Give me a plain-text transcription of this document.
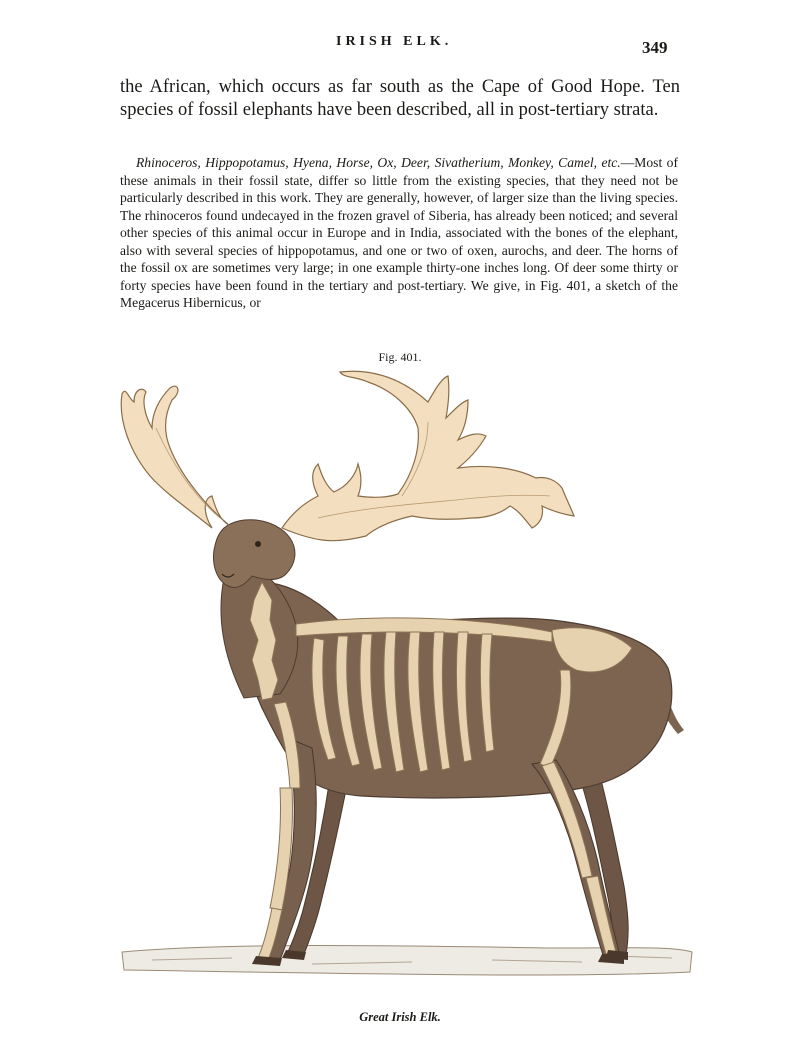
IRISH ELK.	349

the African, which occurs as far south as the Cape of Good Hope. Ten species of fossil elephants have been described, all in post-tertiary strata.

Rhinoceros, Hippopotamus, Hyena, Horse, Ox, Deer, Sivatherium, Monkey, Camel, etc.—Most of these animals in their fossil state, differ so little from the existing species, that they need not be particularly described in this work. They are generally, however, of larger size than the living species. The rhinoceros found undecayed in the frozen gravel of Siberia, has already been noticed; and several other species of this animal occur in Europe and in India, associated with the bones of the elephant, also with several species of hippopotamus, and one or two of oxen, aurochs, and deer. The horns of the fossil ox are sometimes very large; in one example thirty-one inches long. Of deer some thirty or forty species have been found in the tertiary and post-tertiary. We give, in Fig. 401, a sketch of the Megacerus Hibernicus, or

Fig. 401.
Great Irish Elk.
